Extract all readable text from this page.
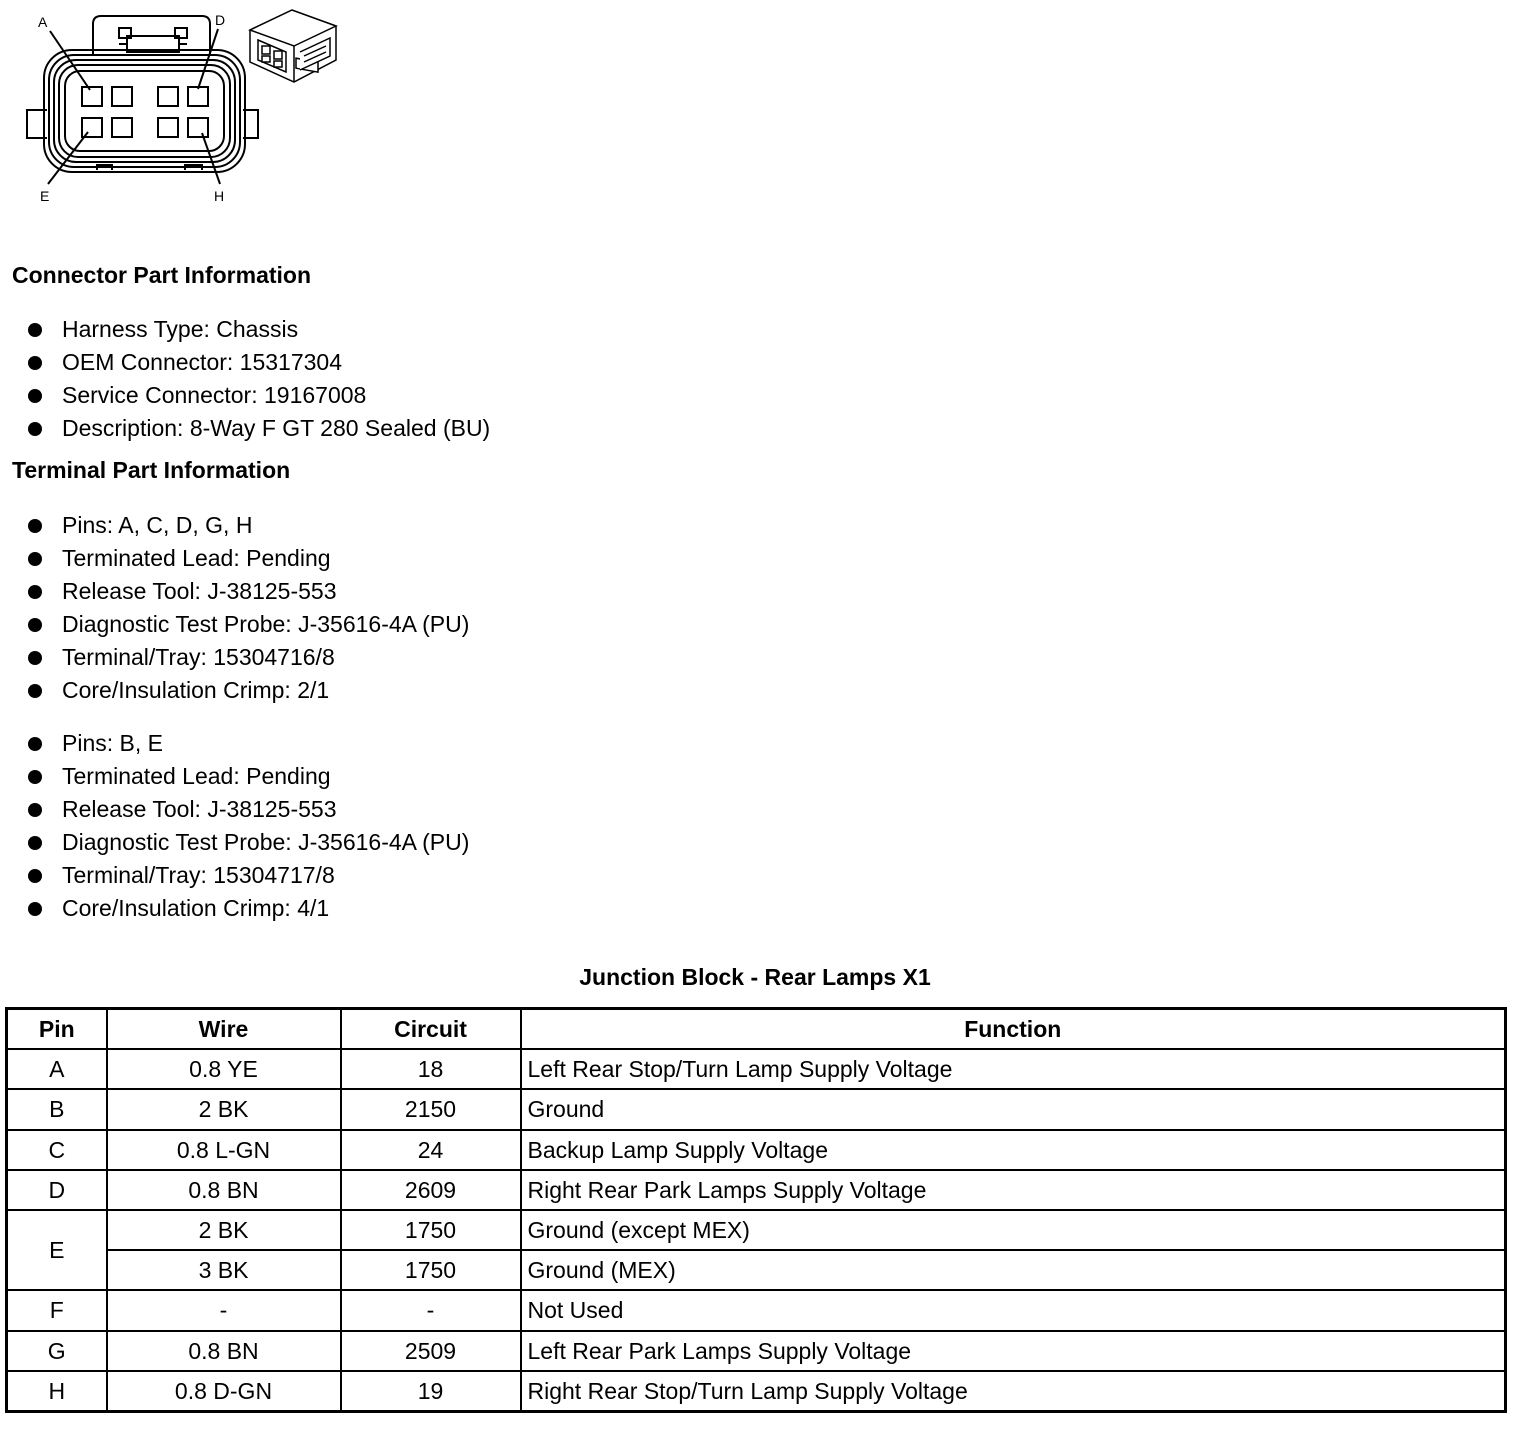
A	D
E	H
Connector Part Information
Harness Type: Chassis
OEM Connector: 15317304
Service Connector: 19167008
Description: 8-Way F GT 280 Sealed (BU)
Terminal Part Information
Pins: A, C, D, G, H
Terminated Lead: Pending
Release Tool: J-38125-553
Diagnostic Test Probe: J-35616-4A (PU)
Terminal/Tray: 15304716/8
Core/Insulation Crimp: 2/1
Pins: B, E
Terminated Lead: Pending
Release Tool: J-38125-553
Diagnostic Test Probe: J-35616-4A (PU)
Terminal/Tray: 15304717/8
Core/Insulation Crimp: 4/1
Junction Block - Rear Lamps X1
Pin	Wire	Circuit	Function
A	0.8 YE	18	Left Rear Stop/Turn Lamp Supply Voltage
B	2 BK	2150	Ground
C	0.8 L-GN	24	Backup Lamp Supply Voltage
D	0.8 BN	2609	Right Rear Park Lamps Supply Voltage
E	2 BK	1750	Ground (except MEX)
	3 BK	1750	Ground (MEX)
F	-	-	Not Used
G	0.8 BN	2509	Left Rear Park Lamps Supply Voltage
H	0.8 D-GN	19	Right Rear Stop/Turn Lamp Supply Voltage
